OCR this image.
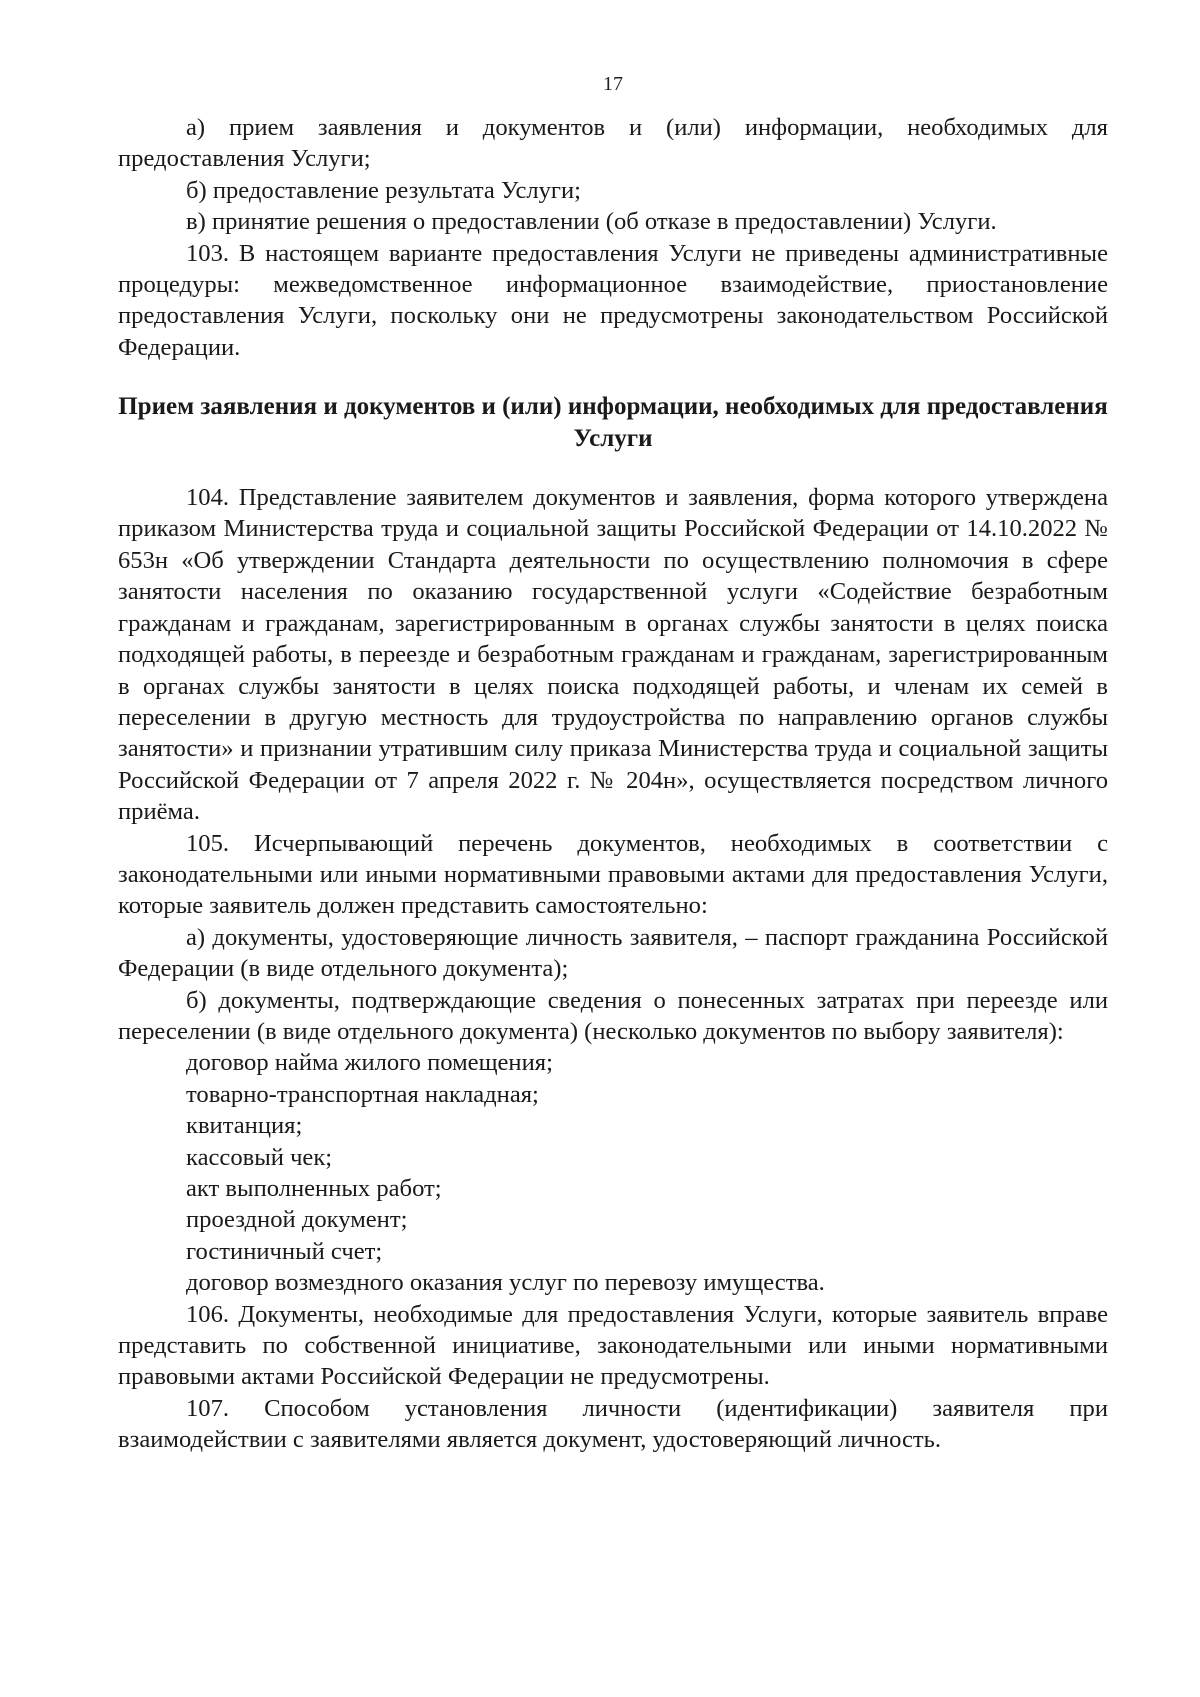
17

а) прием заявления и документов и (или) информации, необходимых для предоставления Услуги;

б) предоставление результата Услуги;

в) принятие решения о предоставлении (об отказе в предоставлении) Услуги.

103. В настоящем варианте предоставления Услуги не приведены административные процедуры: межведомственное информационное взаимодействие, приостановление предоставления Услуги, поскольку они не предусмотрены законодательством Российской Федерации.

Прием заявления и документов и (или) информации, необходимых для предоставления Услуги

104. Представление заявителем документов и заявления, форма которого утверждена приказом Министерства труда и социальной защиты Российской Федерации от 14.10.2022 № 653н «Об утверждении Стандарта деятельности по осуществлению полномочия в сфере занятости населения по оказанию государственной услуги «Содействие безработным гражданам и гражданам, зарегистрированным в органах службы занятости в целях поиска подходящей работы, в переезде и безработным гражданам и гражданам, зарегистрированным в органах службы занятости в целях поиска подходящей работы, и членам их семей в переселении в другую местность для трудоустройства по направлению органов службы занятости» и признании утратившим силу приказа Министерства труда и социальной защиты Российской Федерации от 7 апреля 2022 г. № 204н», осуществляется посредством личного приёма.

105. Исчерпывающий перечень документов, необходимых в соответствии с законодательными или иными нормативными правовыми актами для предоставления Услуги, которые заявитель должен представить самостоятельно:

а) документы, удостоверяющие личность заявителя, – паспорт гражданина Российской Федерации (в виде отдельного документа);

б) документы, подтверждающие сведения о понесенных затратах при переезде или переселении (в виде отдельного документа) (несколько документов по выбору заявителя):

договор найма жилого помещения;

товарно-транспортная накладная;

квитанция;

кассовый чек;

акт выполненных работ;

проездной документ;

гостиничный счет;

договор возмездного оказания услуг по перевозу имущества.

106. Документы, необходимые для предоставления Услуги, которые заявитель вправе представить по собственной инициативе, законодательными или иными нормативными правовыми актами Российской Федерации не предусмотрены.

107. Способом установления личности (идентификации) заявителя при взаимодействии с заявителями является документ, удостоверяющий личность.
